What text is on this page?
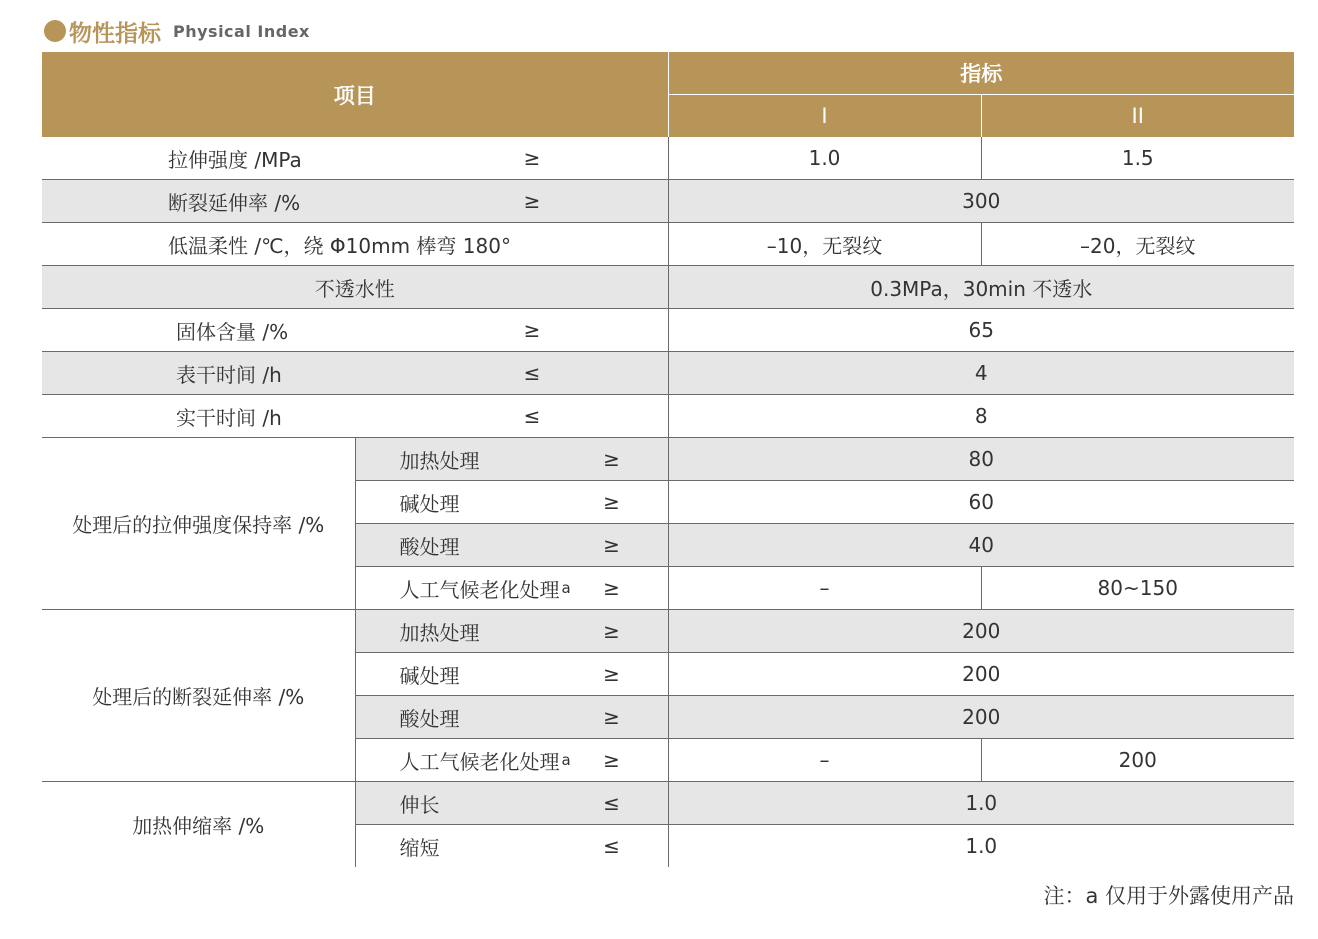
物性指标 Physical Index
项目		指标	
		I	II

拉伸强度 /MPa ≥		1.0	1.5

断裂延伸率 /% ≥		300	

低温柔性 /℃，绕 Φ10mm 棒弯 180°		–10，无裂纹	–20，无裂纹
不透水性		0.3MPa，30min 不透水	

固体含量 /% ≥		65	

表干时间 /h ≤		4	

实干时间 /h ≤		8	
处理后的拉伸强度保持率 /%	加热处理 ≥	80	

	碱处理 ≥	60	

	酸处理 ≥	40	

	人工气候老化处理 $^a$ ≥	–	80~150
处理后的断裂延伸率 /%	加热处理 ≥	200	

	碱处理 ≥	200	

	酸处理 ≥	200	

	人工气候老化处理 $^a$ ≥	–	200
加热伸缩率 /%	伸长 ≤	1.0	

	缩短 ≤	1.0	
注：a 仅用于外露使用产品
